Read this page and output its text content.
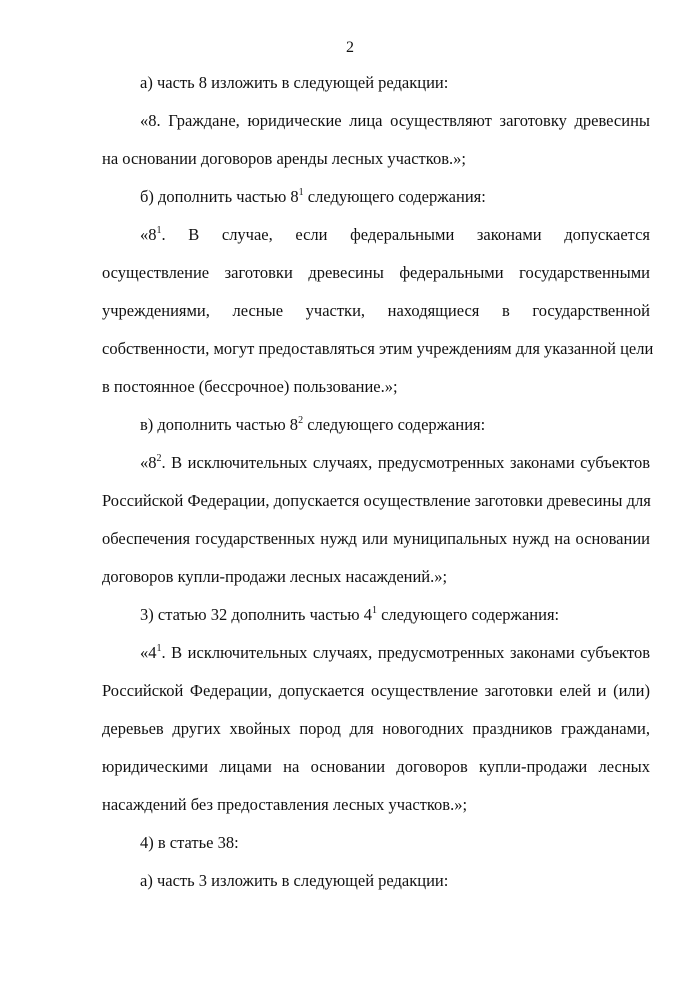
2
а) часть 8 изложить в следующей редакции:
«8. Граждане, юридические лица осуществляют заготовку древесины
на основании договоров аренды лесных участков.»;
б) дополнить частью $8^1$ следующего содержания:
«$8^1$. В случае, если федеральными законами допускается
осуществление заготовки древесины федеральными государственными
учреждениями, лесные участки, находящиеся в государственной
собственности, могут предоставляться этим учреждениям для указанной цели
в постоянное (бессрочное) пользование.»;
в) дополнить частью $8^2$ следующего содержания:
«$8^2$. В исключительных случаях, предусмотренных законами субъектов
Российской Федерации, допускается осуществление заготовки древесины для
обеспечения государственных нужд или муниципальных нужд на основании
договоров купли-продажи лесных насаждений.»;
3) статью 32 дополнить частью $4^1$ следующего содержания:
«$4^1$. В исключительных случаях, предусмотренных законами субъектов
Российской Федерации, допускается осуществление заготовки елей и (или)
деревьев других хвойных пород для новогодних праздников гражданами,
юридическими лицами на основании договоров купли-продажи лесных
насаждений без предоставления лесных участков.»;
4) в статье 38:
а) часть 3 изложить в следующей редакции:
